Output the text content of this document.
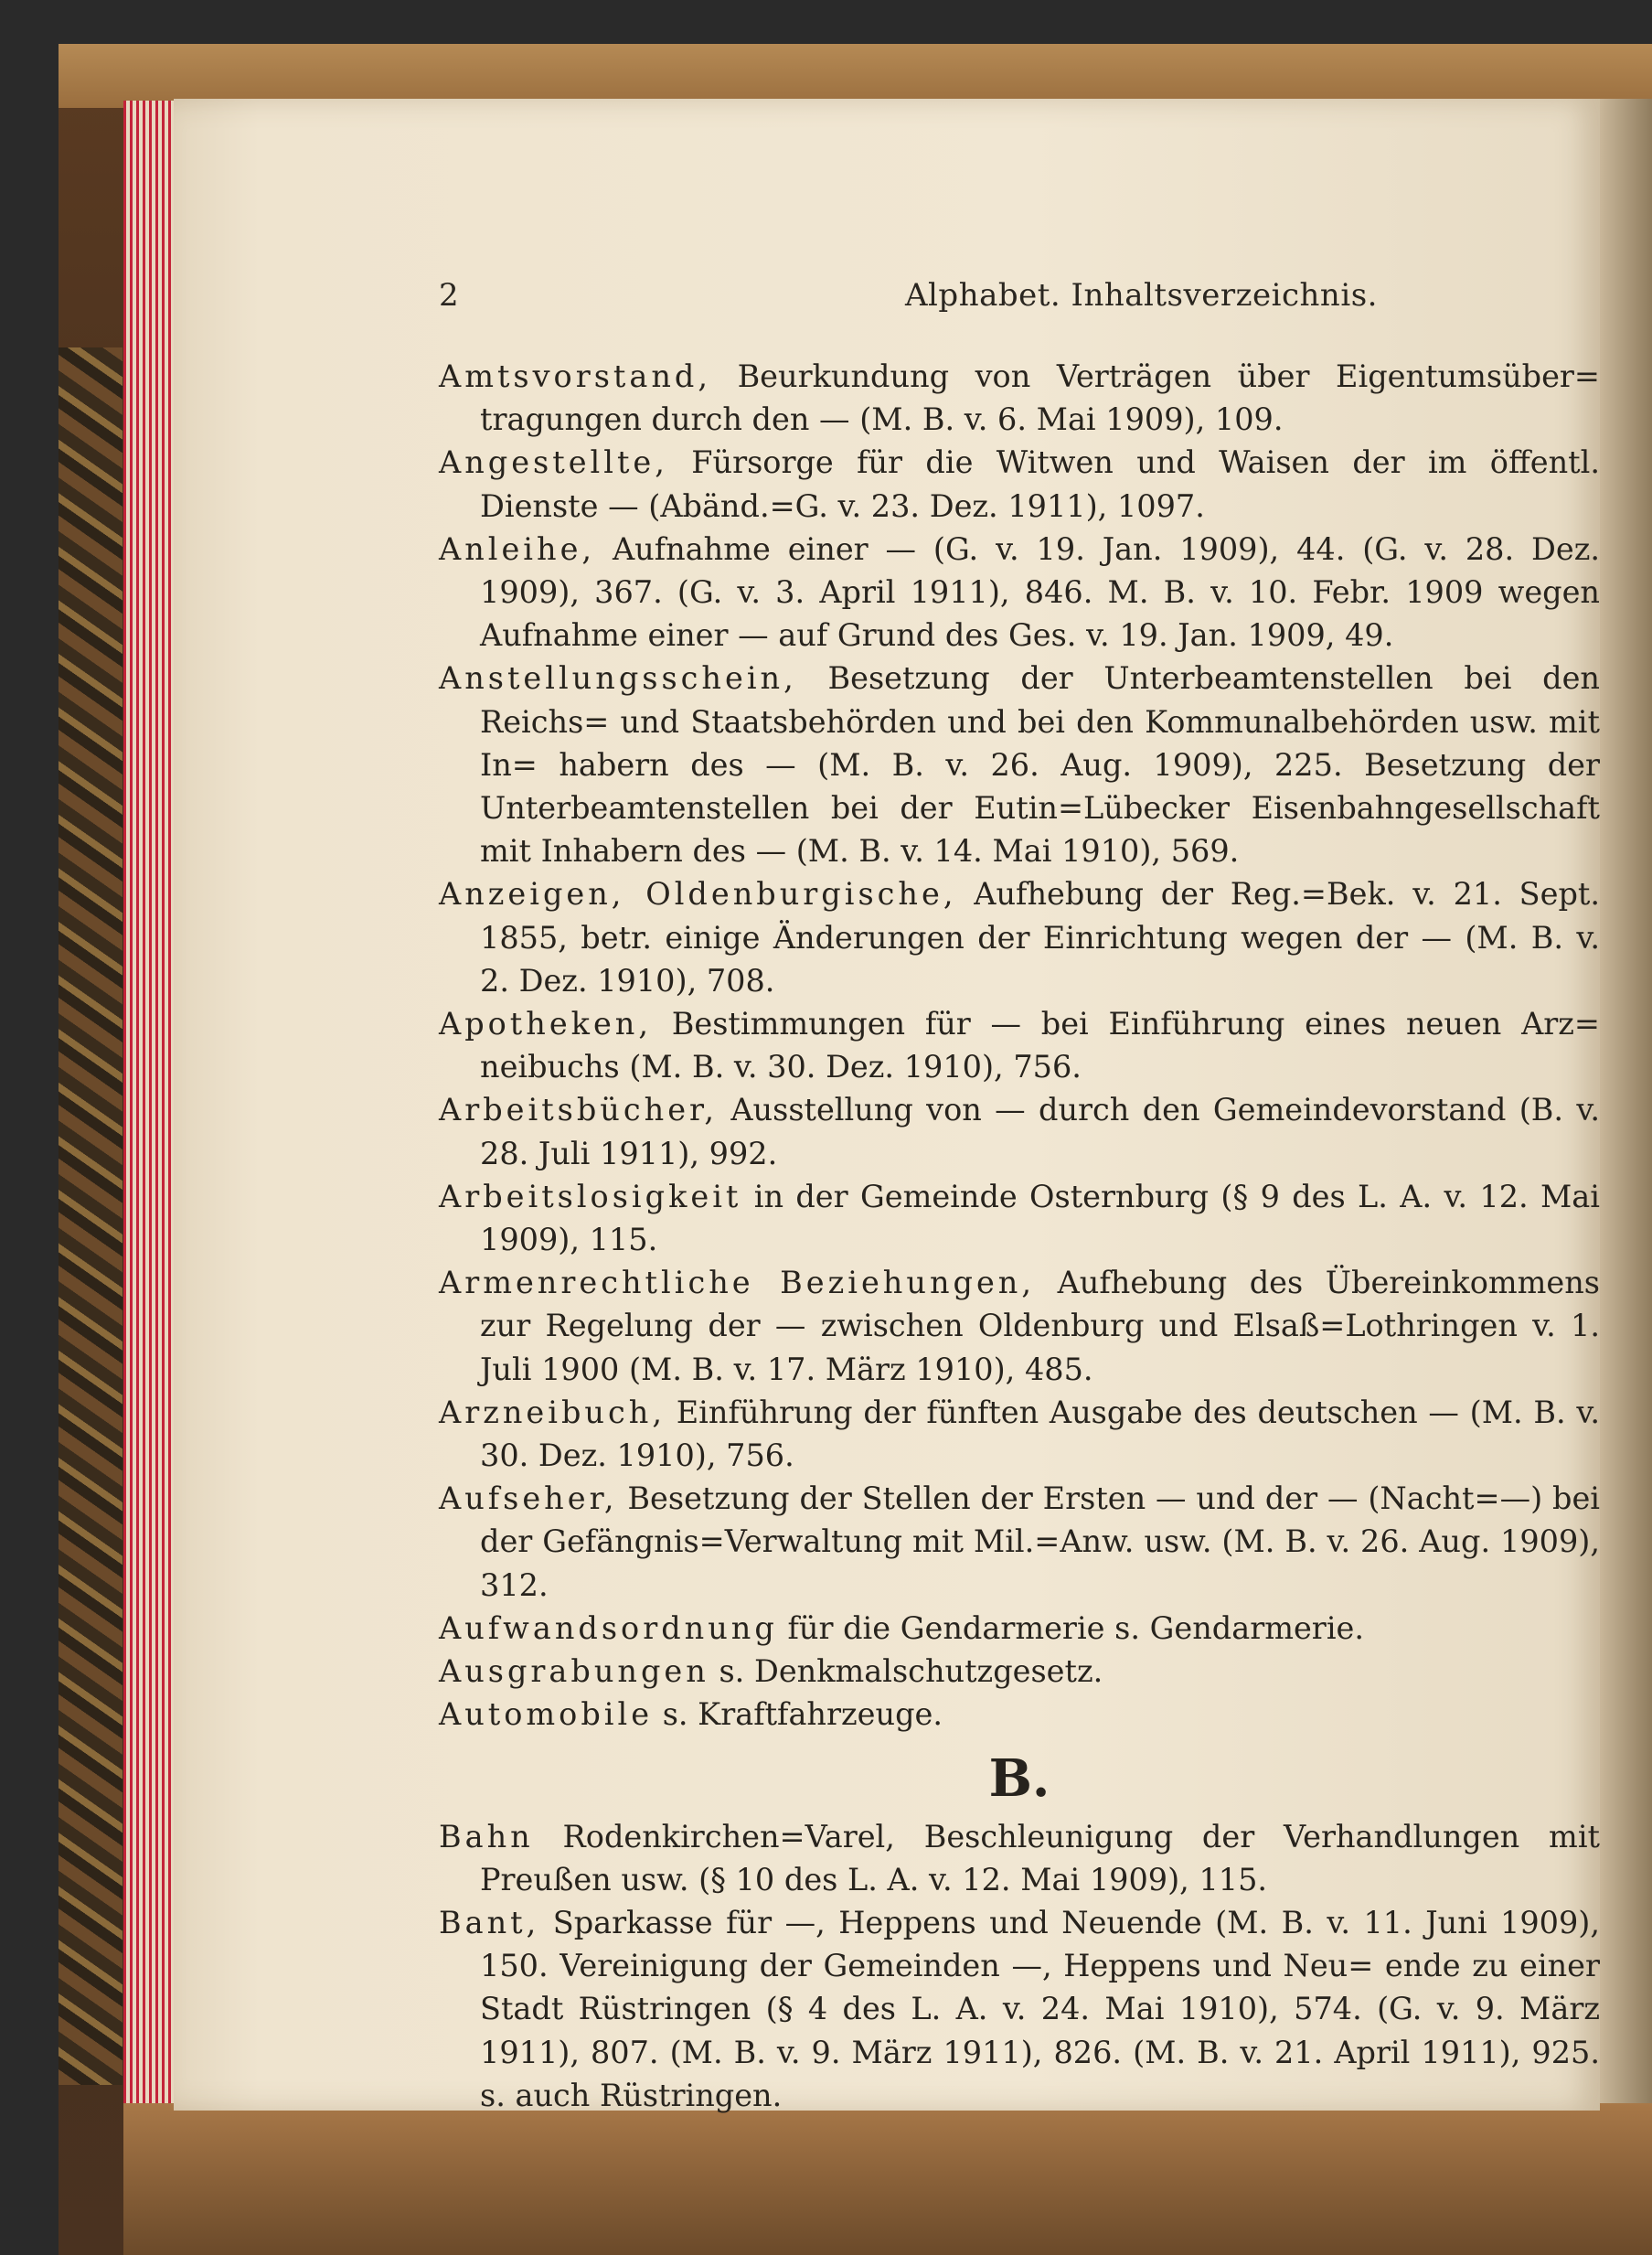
2	Alphabet. Inhaltsverzeichnis.

Amtsvorstand, Beurkundung von Verträgen über Eigentumsüber= tragungen durch den — (M. B. v. 6. Mai 1909), 109.

Angestellte, Fürsorge für die Witwen und Waisen der im öffentl. Dienste — (Abänd.=G. v. 23. Dez. 1911), 1097.

Anleihe, Aufnahme einer — (G. v. 19. Jan. 1909), 44. (G. v. 28. Dez. 1909), 367. (G. v. 3. April 1911), 846. M. B. v. 10. Febr. 1909 wegen Aufnahme einer — auf Grund des Ges. v. 19. Jan. 1909, 49.

Anstellungsschein, Besetzung der Unterbeamtenstellen bei den Reichs= und Staatsbehörden und bei den Kommunalbehörden usw. mit In= habern des — (M. B. v. 26. Aug. 1909), 225. Besetzung der Unterbeamtenstellen bei der Eutin=Lübecker Eisenbahngesellschaft mit Inhabern des — (M. B. v. 14. Mai 1910), 569.

Anzeigen, Oldenburgische, Aufhebung der Reg.=Bek. v. 21. Sept. 1855, betr. einige Änderungen der Einrichtung wegen der — (M. B. v. 2. Dez. 1910), 708.

Apotheken, Bestimmungen für — bei Einführung eines neuen Arz= neibuchs (M. B. v. 30. Dez. 1910), 756.

Arbeitsbücher, Ausstellung von — durch den Gemeindevorstand (B. v. 28. Juli 1911), 992.

Arbeitslosigkeit in der Gemeinde Osternburg (§ 9 des L. A. v. 12. Mai 1909), 115.

Armenrechtliche Beziehungen, Aufhebung des Übereinkommens zur Regelung der — zwischen Oldenburg und Elsaß=Lothringen v. 1. Juli 1900 (M. B. v. 17. März 1910), 485.

Arzneibuch, Einführung der fünften Ausgabe des deutschen — (M. B. v. 30. Dez. 1910), 756.

Aufseher, Besetzung der Stellen der Ersten — und der — (Nacht=—) bei der Gefängnis=Verwaltung mit Mil.=Anw. usw. (M. B. v. 26. Aug. 1909), 312.

Aufwandsordnung für die Gendarmerie s. Gendarmerie.

Ausgrabungen s. Denkmalschutzgesetz.

Automobile s. Kraftfahrzeuge.

B.

Bahn Rodenkirchen=Varel, Beschleunigung der Verhandlungen mit Preußen usw. (§ 10 des L. A. v. 12. Mai 1909), 115.

Bant, Sparkasse für —, Heppens und Neuende (M. B. v. 11. Juni 1909), 150. Vereinigung der Gemeinden —, Heppens und Neu= ende zu einer Stadt Rüstringen (§ 4 des L. A. v. 24. Mai 1910), 574. (G. v. 9. März 1911), 807. (M. B. v. 9. März 1911), 826. (M. B. v. 21. April 1911), 925. s. auch Rüstringen.
